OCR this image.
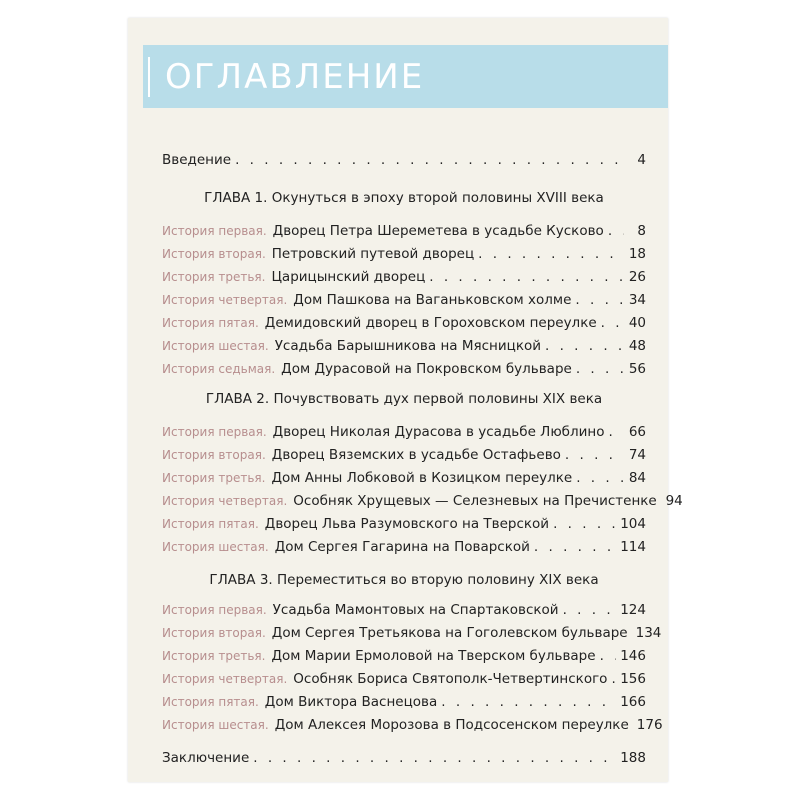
ОГЛАВЛЕНИЕ
Введение . . .	4
ГЛАВА 1. Окунуться в эпоху второй половины XVIII века
История первая. Дворец Петра Шереметева в усадьбе Кусково . . .	8
История вторая. Петровский путевой дворец . . .	18
История третья. Царицынский дворец . . .	26
История четвертая. Дом Пашкова на Ваганьковском холме . . .	34
История пятая. Демидовский дворец в Гороховском переулке . . . 40
История шестая. Усадьба Барышникова на Мясницкой . . .	48
История седьмая. Дом Дурасовой на Покровском бульваре . . .	56
ГЛАВА 2. Почувствовать дух первой половины XIX века
История первая. Дворец Николая Дурасова в усадьбе Люблино . . . 66
История вторая. Дворец Вяземских в усадьбе Остафьево . . .	74
История третья. Дом Анны Лобковой в Козицком переулке . . .	84
История четвертая. Особняк Хрущевых — Селезневых на Пречистенке 94
История пятая. Дворец Льва Разумовского на Тверской . . .	104
История шестая. Дом Сергея Гагарина на Поварской . . .	114
ГЛАВА 3. Переместиться во вторую половину XIX века
История первая. Усадьба Мамонтовых на Спартаковской . . .	124
История вторая. Дом Сергея Третьякова на Гоголевском бульваре 134
История третья. Дом Марии Ермоловой на Тверском бульваре . . . 146
История четвертая. Особняк Бориса Святополк-Четвертинского . . . 156
История пятая. Дом Виктора Васнецова . . .	166
История шестая. Дом Алексея Морозова в Подсосенском переулке 176
Заключение . . .	188
